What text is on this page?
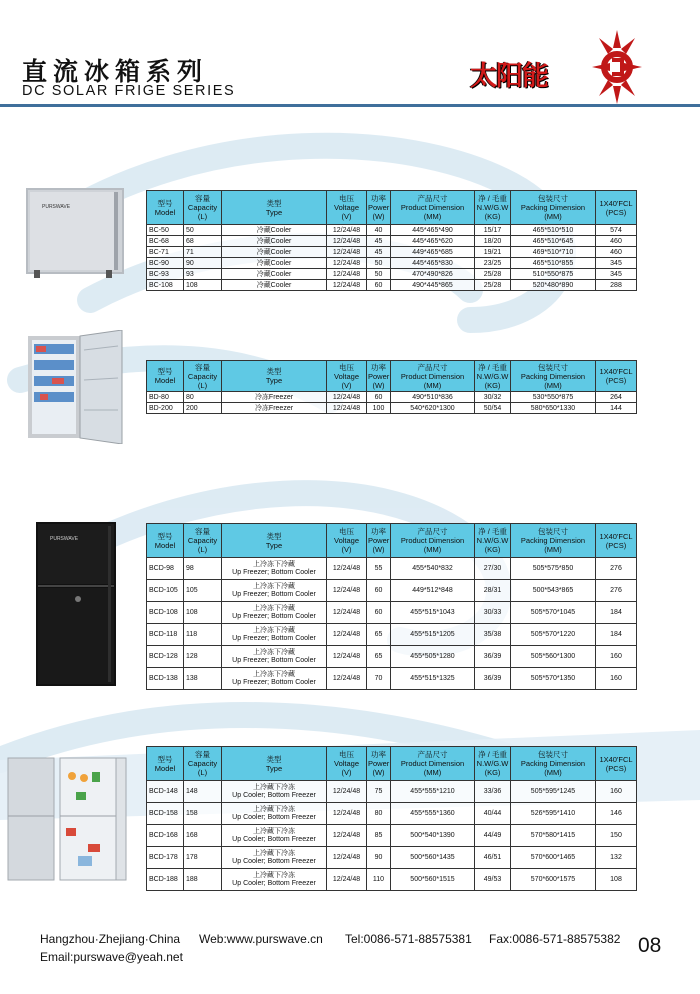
直流冰箱系列
DC SOLAR FRIGE SERIES	太阳能
PURSWAVE	型号
Model	容量
Capacity
(L)	类型
Type	电压
Voltage
(V)	功率
Power
(W)	产品尺寸
Product Dimension
(MM)	净 / 毛重
N.W/G.W
(KG)	包装尺寸
Packing Dimension
(MM)	1X40'FCL
(PCS)

BC-50	50	冷藏Cooler	12/24/48	40	445*465*490	15/17	465*510*510	574
BC-68	68	冷藏Cooler	12/24/48	45	445*465*620	18/20	465*510*645	460
BC-71	71	冷藏Cooler	12/24/48	45	449*465*685	19/21	469*510*710	460
BC-90	90	冷藏Cooler	12/24/48	50	445*465*830	23/25	465*510*855	345
BC-93	93	冷藏Cooler	12/24/48	50	470*490*826	25/28	510*550*875	345
BC-108	108	冷藏Cooler	12/24/48	60	490*445*865	25/28	520*480*890	288
型号
Model	容量
Capacity
(L)	类型
Type	电压
Voltage
(V)	功率
Power
(W)	产品尺寸
Product Dimension
(MM)	净 / 毛重
N.W/G.W
(KG)	包装尺寸
Packing Dimension
(MM)	1X40'FCL
(PCS)

BD-80	80	冷冻Freezer	12/24/48	60	490*510*836	30/32	530*550*875	264
BD-200	200	冷冻Freezer	12/24/48	100	540*620*1300	50/54	580*650*1330	144
PURSWAVE	型号
Model	容量
Capacity
(L)	类型
Type	电压
Voltage
(V)	功率
Power
(W)	产品尺寸
Product Dimension
(MM)	净 / 毛重
N.W/G.W
(KG)	包装尺寸
Packing Dimension
(MM)	1X40'FCL
(PCS)

BCD-98	98	上冷冻下冷藏
Up Freezer; Bottom Cooler	12/24/48	55	455*540*832	27/30	505*575*850	276
BCD-105	105	上冷冻下冷藏
Up Freezer; Bottom Cooler	12/24/48	60	449*512*848	28/31	500*543*865	276
BCD-108	108	上冷冻下冷藏
Up Freezer; Bottom Cooler	12/24/48	60	455*515*1043	30/33	505*570*1045	184
BCD-118	118	上冷冻下冷藏
Up Freezer; Bottom Cooler	12/24/48	65	455*515*1205	35/38	505*570*1220	184
BCD-128	128	上冷冻下冷藏
Up Freezer; Bottom Cooler	12/24/48	65	455*505*1280	36/39	505*560*1300	160
BCD-138	138	上冷冻下冷藏
Up Freezer; Bottom Cooler	12/24/48	70	455*515*1325	36/39	505*570*1350	160
型号
Model	容量
Capacity
(L)	类型
Type	电压
Voltage
(V)	功率
Power
(W)	产品尺寸
Product Dimension
(MM)	净 / 毛重
N.W/G.W
(KG)	包装尺寸
Packing Dimension
(MM)	1X40'FCL
(PCS)

BCD-148	148	上冷藏下冷冻
Up Cooler; Bottom Freezer	12/24/48	75	455*555*1210	33/36	505*595*1245	160
BCD-158	158	上冷藏下冷冻
Up Cooler; Bottom Freezer	12/24/48	80	455*555*1360	40/44	526*595*1410	146
BCD-168	168	上冷藏下冷冻
Up Cooler; Bottom Freezer	12/24/48	85	500*540*1390	44/49	570*580*1415	150
BCD-178	178	上冷藏下冷冻
Up Cooler; Bottom Freezer	12/24/48	90	500*560*1435	46/51	570*600*1465	132
BCD-188	188	上冷藏下冷冻
Up Cooler; Bottom Freezer	12/24/48	110	500*560*1515	49/53	570*600*1575	108
Hangzhou·Zhejiang·China Web:www.purswave.cn Tel:0086-571-88575381 Fax:0086-571-88575382
Email:purswave@yeah.net	08
